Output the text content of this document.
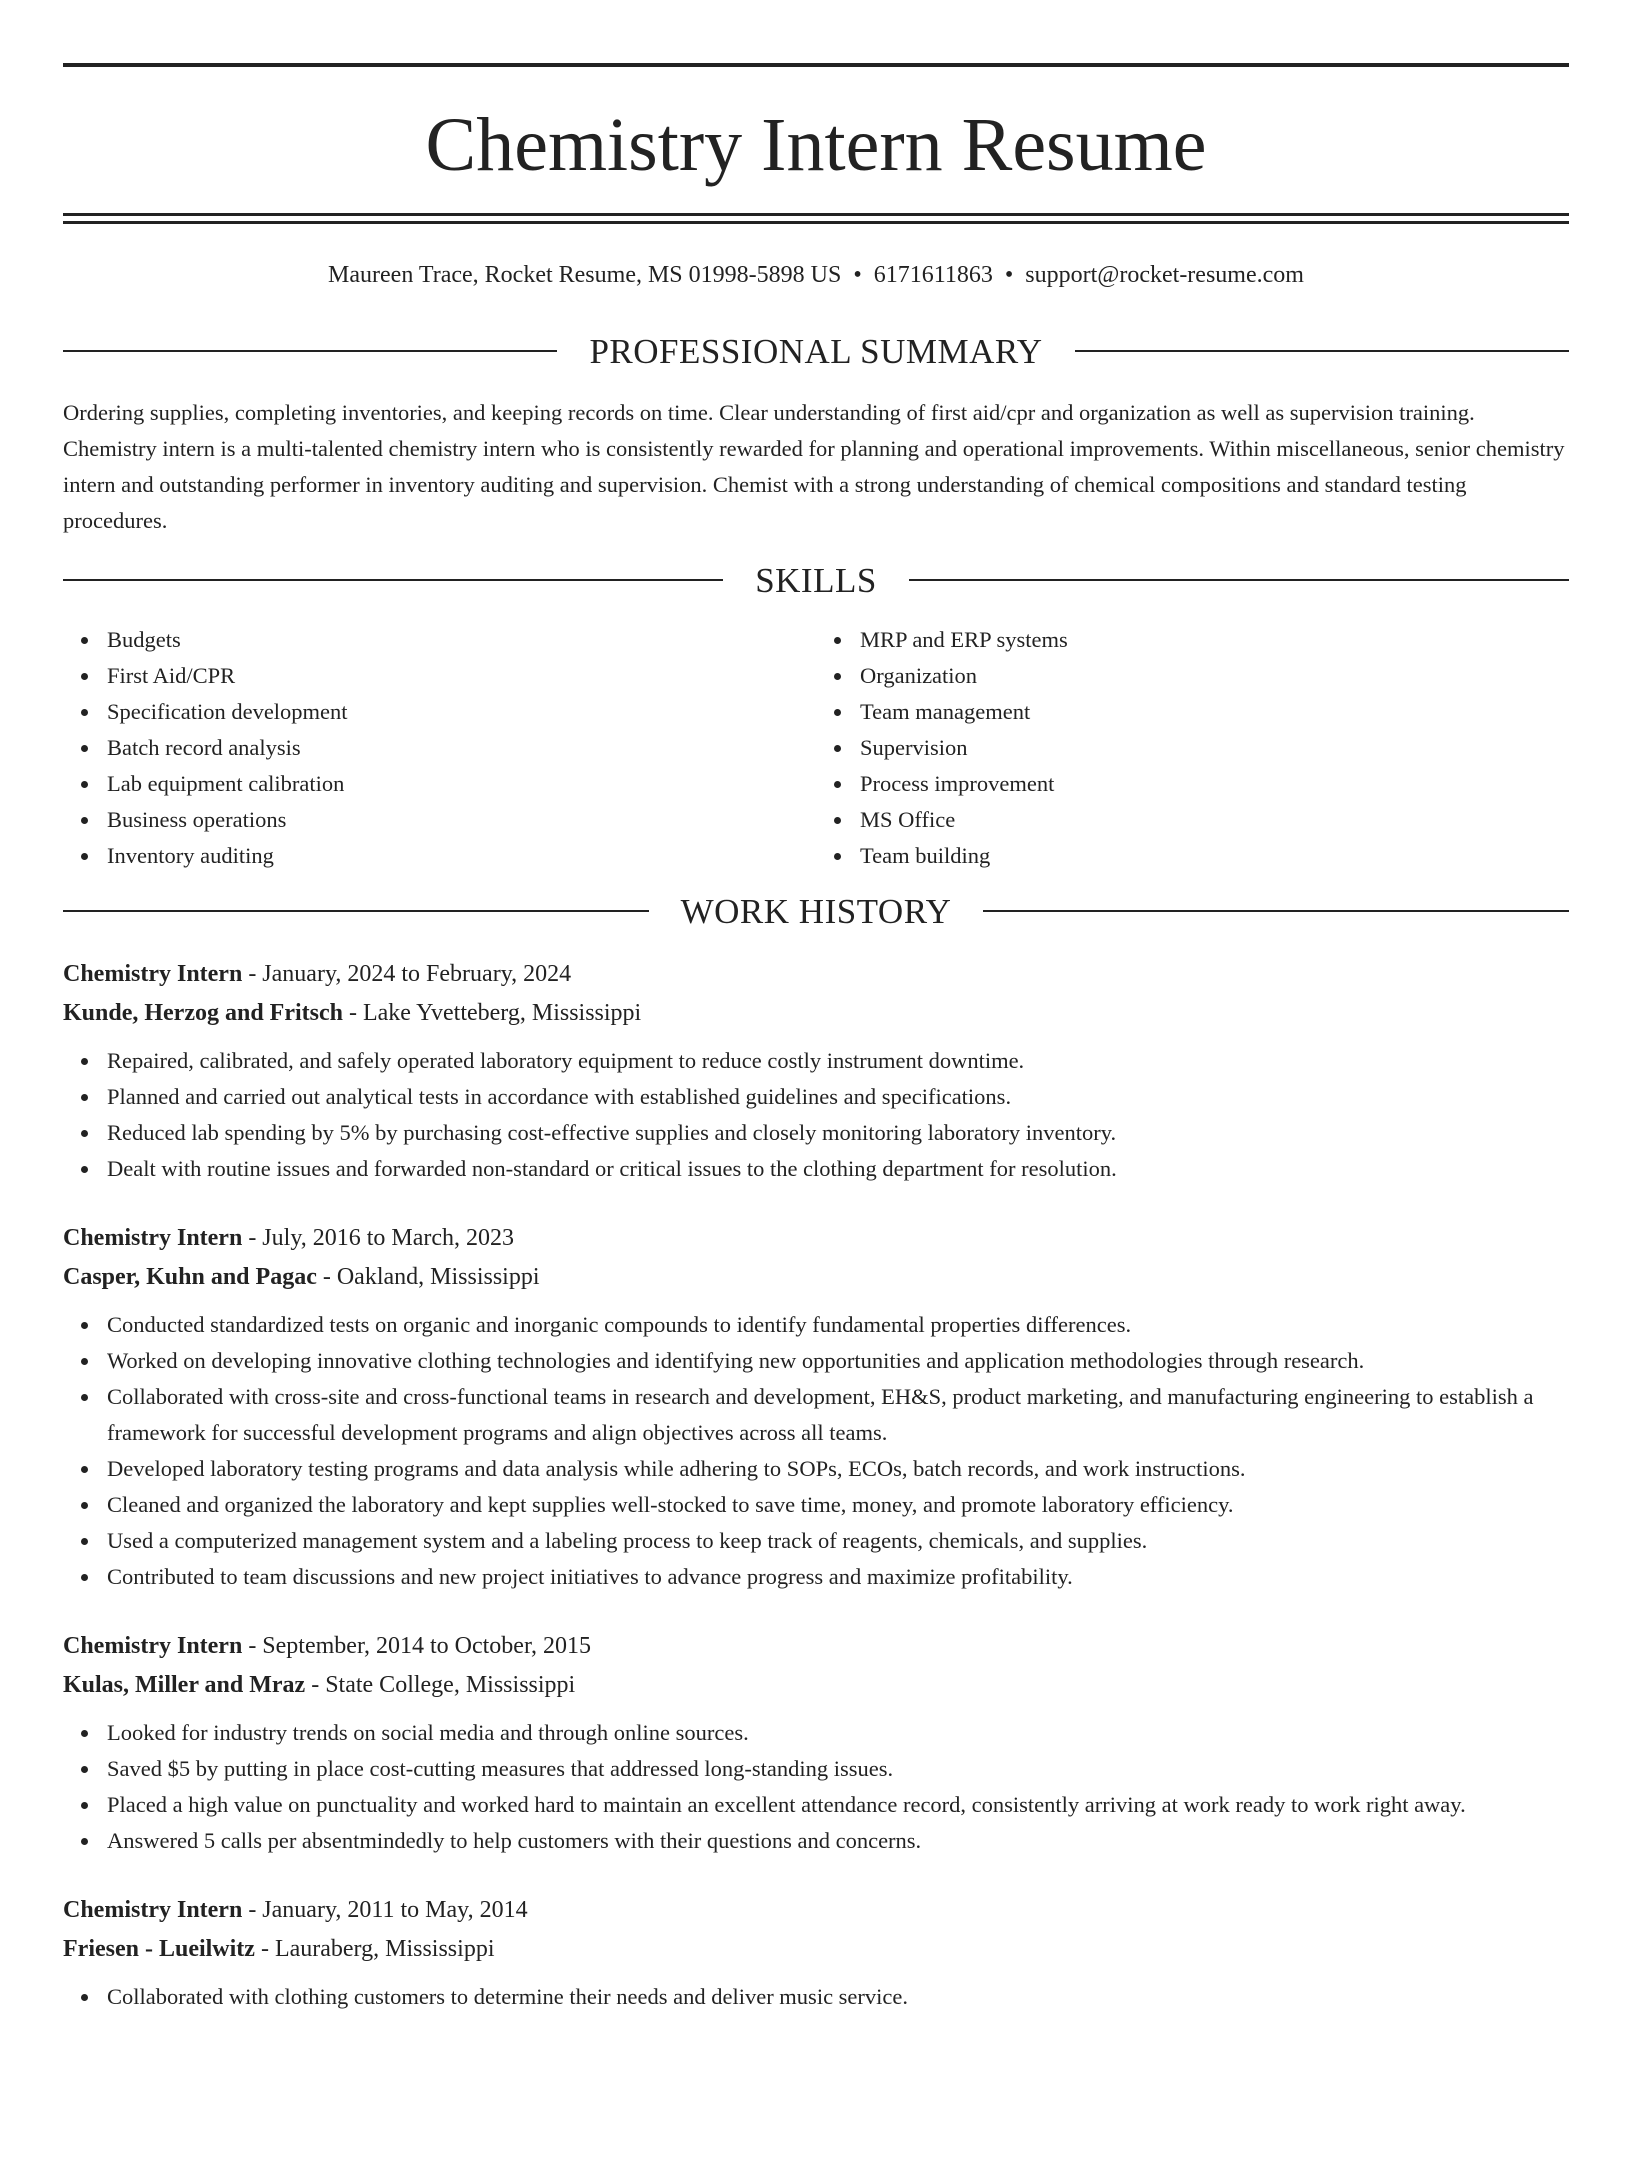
Chemistry Intern Resume
Maureen Trace, Rocket Resume, MS 01998-5898 US • 6171611863 • support@rocket-resume.com
PROFESSIONAL SUMMARY

Ordering supplies, completing inventories, and keeping records on time. Clear understanding of first aid/cpr and organization as well as supervision training. Chemistry intern is a multi-talented chemistry intern who is consistently rewarded for planning and operational improvements. Within miscellaneous, senior chemistry intern and outstanding performer in inventory auditing and supervision. Chemist with a strong understanding of chemical compositions and standard testing procedures.

SKILLS
Budgets
First Aid/CPR
Specification development
Batch record analysis
Lab equipment calibration
Business operations
Inventory auditing
MRP and ERP systems
Organization
Team management
Supervision
Process improvement
MS Office
Team building
WORK HISTORY
Chemistry Intern - January, 2024 to February, 2024
Kunde, Herzog and Fritsch - Lake Yvetteberg, Mississippi
Repaired, calibrated, and safely operated laboratory equipment to reduce costly instrument downtime.
Planned and carried out analytical tests in accordance with established guidelines and specifications.
Reduced lab spending by 5% by purchasing cost-effective supplies and closely monitoring laboratory inventory.
Dealt with routine issues and forwarded non-standard or critical issues to the clothing department for resolution.
Chemistry Intern - July, 2016 to March, 2023
Casper, Kuhn and Pagac - Oakland, Mississippi
Conducted standardized tests on organic and inorganic compounds to identify fundamental properties differences.
Worked on developing innovative clothing technologies and identifying new opportunities and application methodologies through research.
Collaborated with cross-site and cross-functional teams in research and development, EH&S, product marketing, and manufacturing engineering to establish a framework for successful development programs and align objectives across all teams.
Developed laboratory testing programs and data analysis while adhering to SOPs, ECOs, batch records, and work instructions.
Cleaned and organized the laboratory and kept supplies well-stocked to save time, money, and promote laboratory efficiency.
Used a computerized management system and a labeling process to keep track of reagents, chemicals, and supplies.
Contributed to team discussions and new project initiatives to advance progress and maximize profitability.
Chemistry Intern - September, 2014 to October, 2015
Kulas, Miller and Mraz - State College, Mississippi
Looked for industry trends on social media and through online sources.
Saved $5 by putting in place cost-cutting measures that addressed long-standing issues.
Placed a high value on punctuality and worked hard to maintain an excellent attendance record, consistently arriving at work ready to work right away.
Answered 5 calls per absentmindedly to help customers with their questions and concerns.
Chemistry Intern - January, 2011 to May, 2014
Friesen - Lueilwitz - Lauraberg, Mississippi
Collaborated with clothing customers to determine their needs and deliver music service.
